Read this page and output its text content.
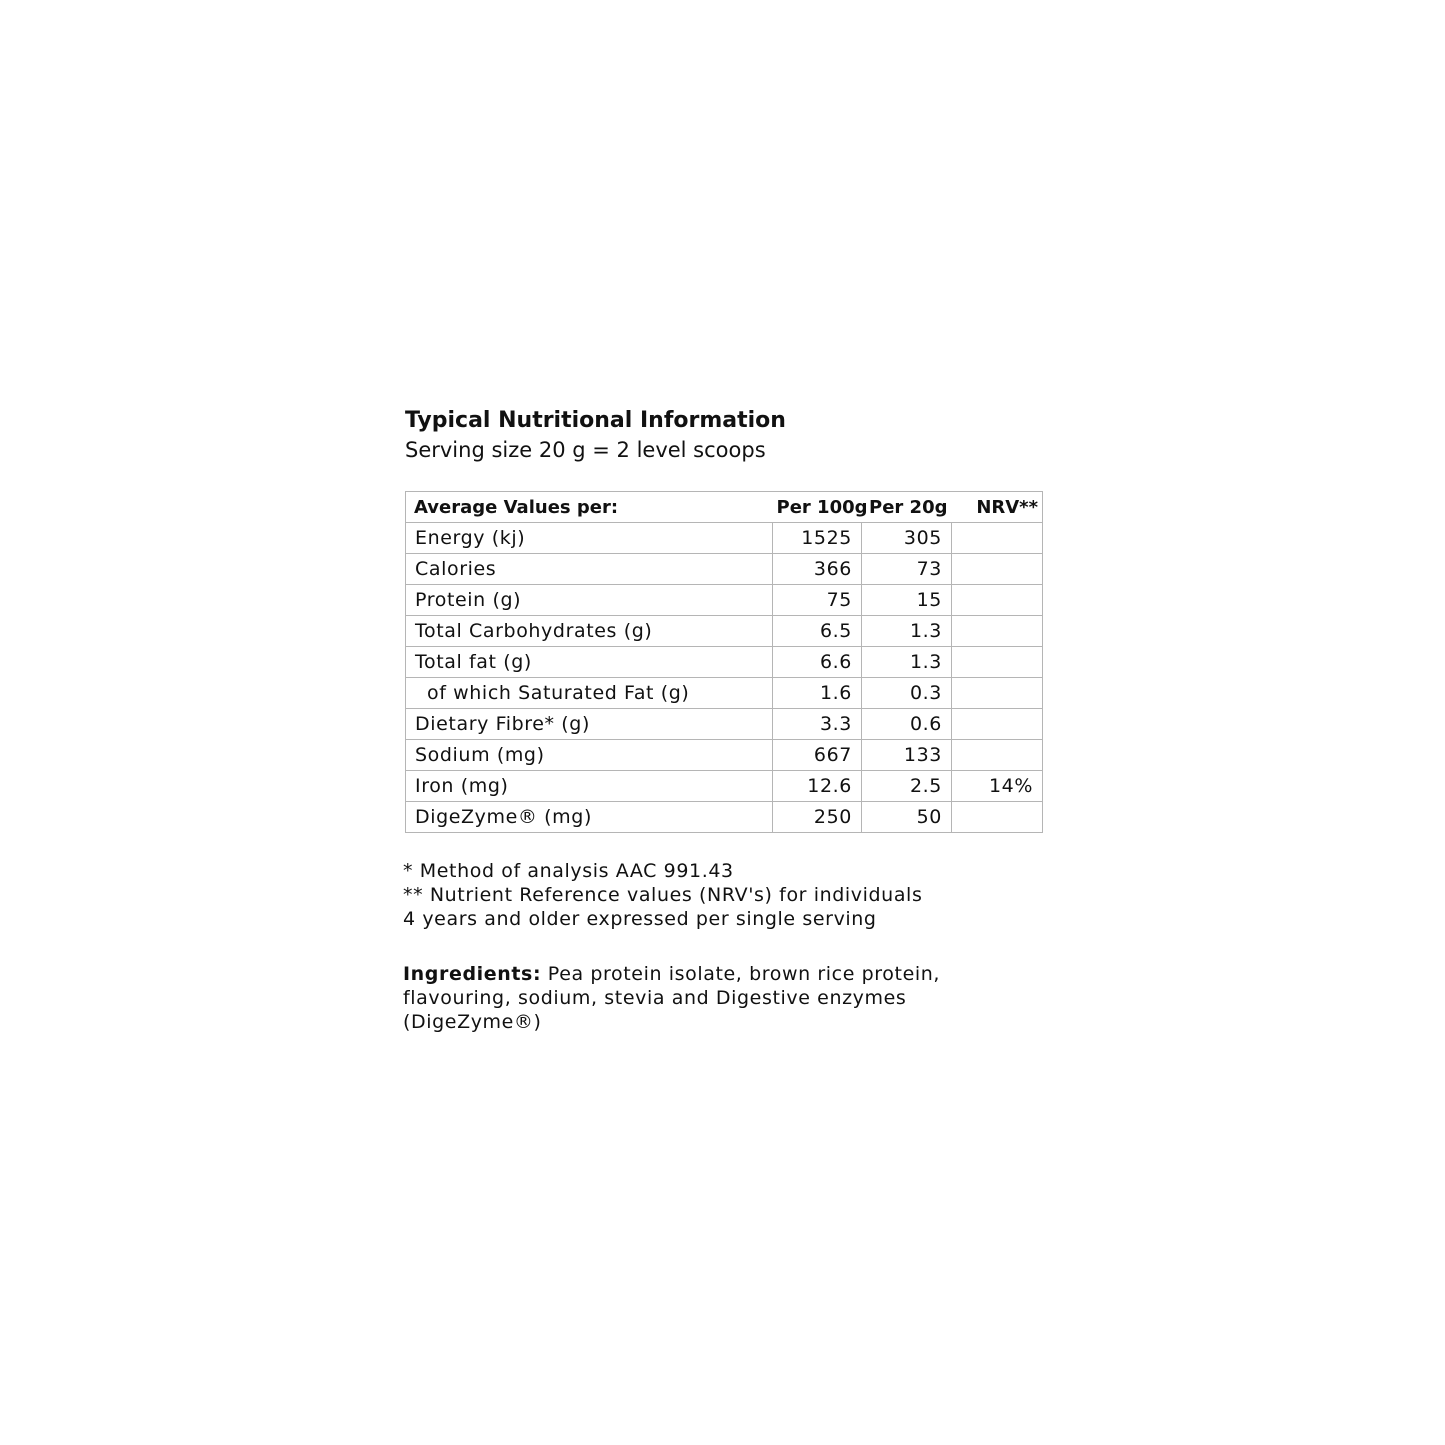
Typical Nutritional Information
Serving size 20 g = 2 level scoops
Average Values per:	Per 100g	Per 20g	NRV**
Energy (kj)	1525	305	
Calories	366	73	
Protein (g)	75	15	
Total Carbohydrates (g)	6.5	1.3	
Total fat (g)	6.6	1.3	
of which Saturated Fat (g)	1.6	0.3	
Dietary Fibre* (g)	3.3	0.6	
Sodium (mg)	667	133	
Iron (mg)	12.6	2.5	14%
DigeZyme® (mg)	250	50	
* Method of analysis AAC 991.43
** Nutrient Reference values (NRV's) for individuals
4 years and older expressed per single serving
Ingredients: Pea protein isolate, brown rice protein, flavouring, sodium, stevia and Digestive enzymes (DigeZyme®)
